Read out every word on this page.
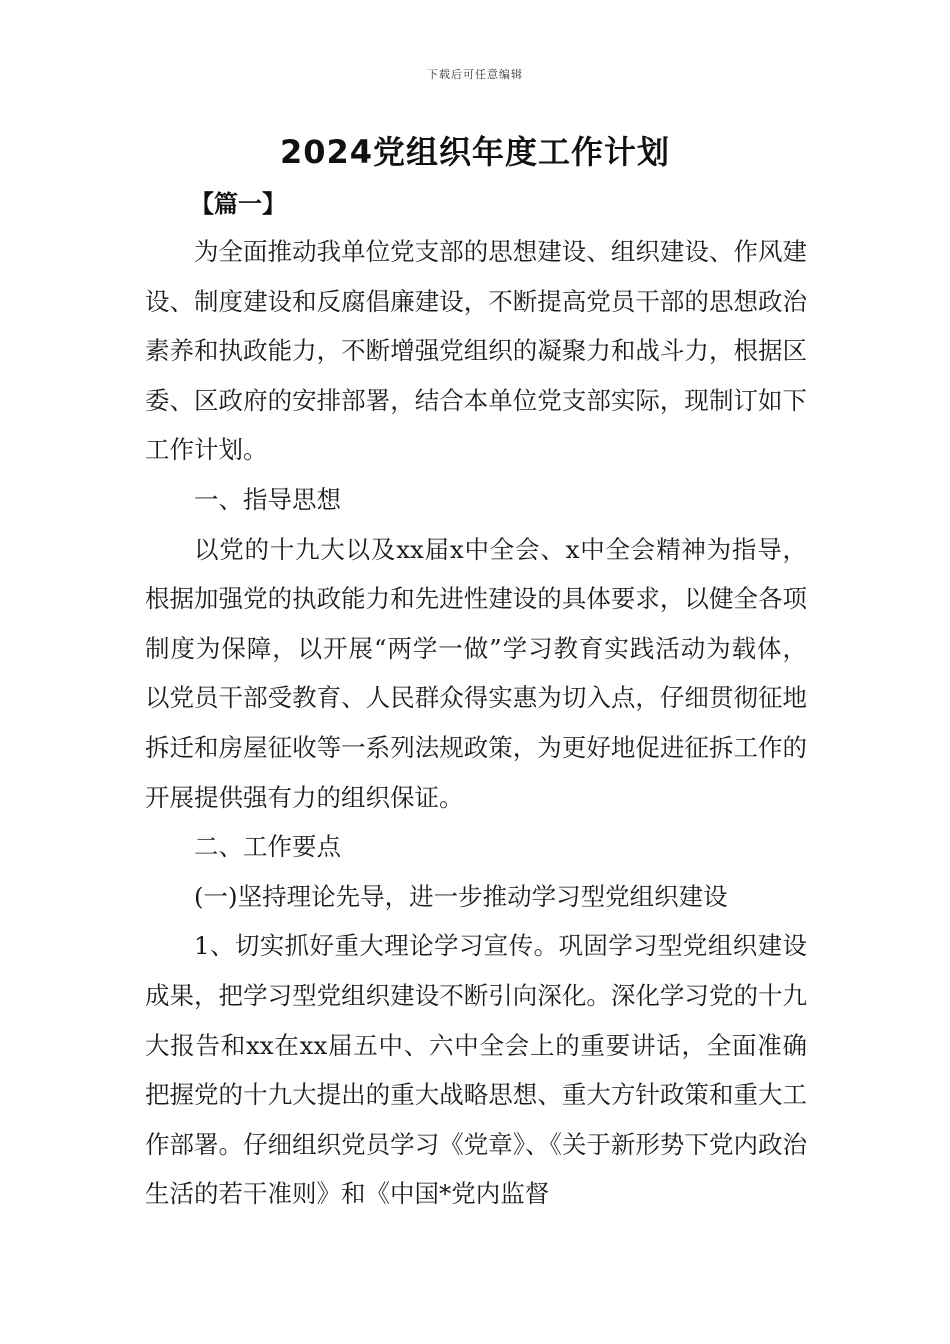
下载后可任意编辑
2024党组织年度工作计划
【篇一】

为全面推动我单位党支部的思想建设、组织建设、作风建设、制度建设和反腐倡廉建设，不断提高党员干部的思想政治素养和执政能力，不断增强党组织的凝聚力和战斗力，根据区委、区政府的安排部署，结合本单位党支部实际，现制订如下工作计划。

一、指导思想

以党的十九大以及xx届x中全会、x中全会精神为指导，根据加强党的执政能力和先进性建设的具体要求，以健全各项制度为保障，以开展“两学一做”学习教育实践活动为载体，以党员干部受教育、人民群众得实惠为切入点，仔细贯彻征地拆迁和房屋征收等一系列法规政策，为更好地促进征拆工作的开展提供强有力的组织保证。

二、工作要点

(一)坚持理论先导，进一步推动学习型党组织建设

1、切实抓好重大理论学习宣传。巩固学习型党组织建设成果，把学习型党组织建设不断引向深化。深化学习党的十九大报告和xx在xx届五中、六中全会上的重要讲话，全面准确把握党的十九大提出的重大战略思想、重大方针政策和重大工作部署。仔细组织党员学习《党章》、《关于新形势下党内政治生活的若干准则》和《中国*党内监督
